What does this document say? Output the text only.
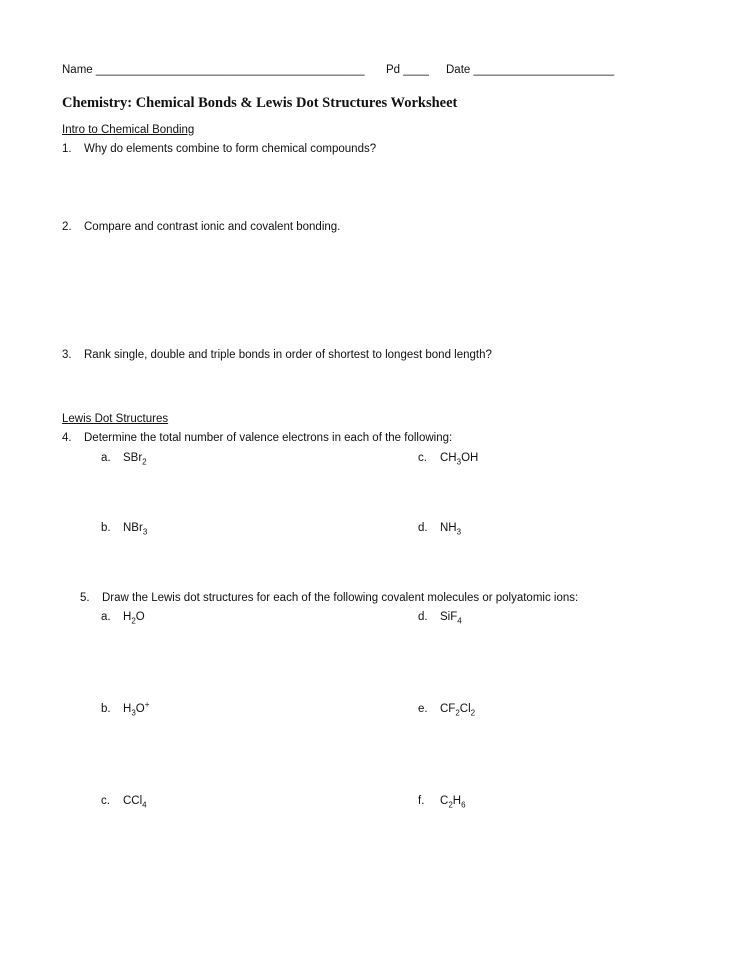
Name __________________________________________ Pd ____ Date ______________________
Chemistry: Chemical Bonds & Lewis Dot Structures Worksheet
Intro to Chemical Bonding
1. Why do elements combine to form chemical compounds?
2. Compare and contrast ionic and covalent bonding.
3. Rank single, double and triple bonds in order of shortest to longest bond length?
Lewis Dot Structures
4. Determine the total number of valence electrons in each of the following:
a. SBr$_2$	c. $CH_3OH$
b. NBr$_3$	d. $NH_3$
5. Draw the Lewis dot structures for each of the following covalent molecules or polyatomic ions:
a. $H_2O$	d. SiF$_4$
b. $H_3O^+$	e. $CF_2Cl_2$
c. CCl$_4$	f. $C_2H_6$
